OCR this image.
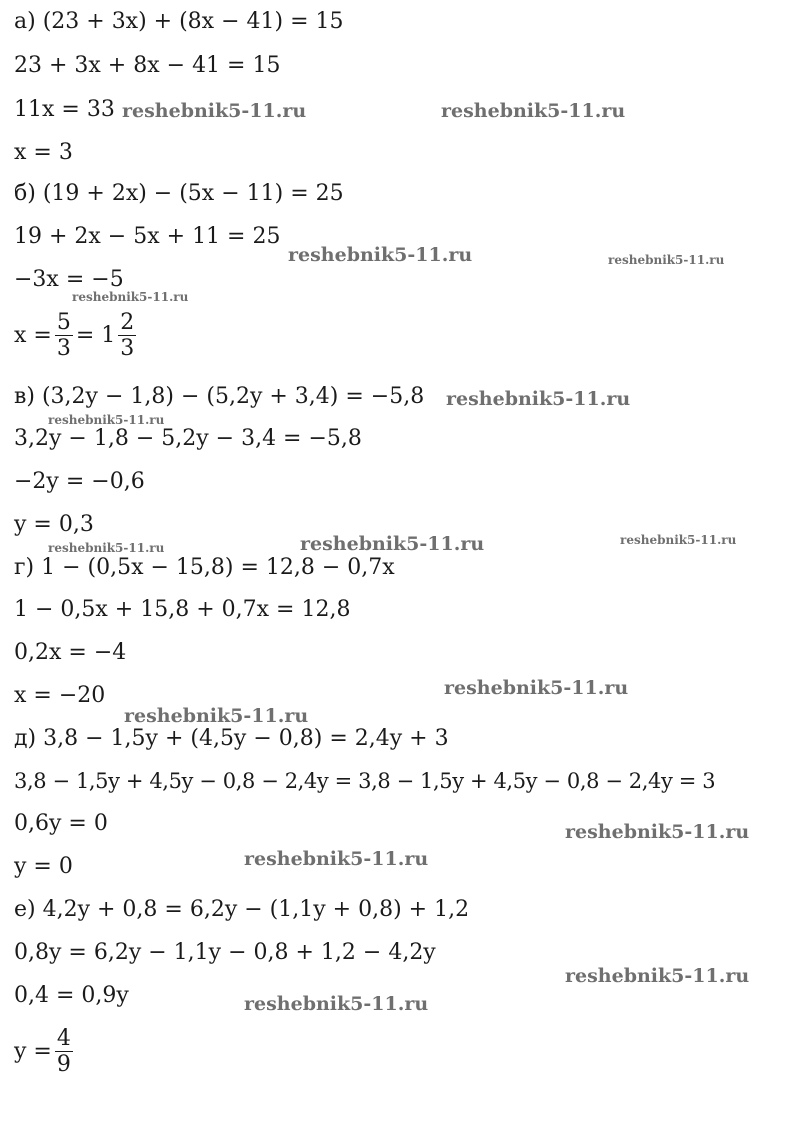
а) (23 + 3x) + (8x − 41) = 15
23 + 3x + 8x − 41 = 15
11x = 33
x = 3
б) (19 + 2x) − (5x − 11) = 25
19 + 2x − 5x + 11 = 25
−3x = −5
$x = \frac{5}{3} = 1 \frac{2}{3}$
в) (3,2y − 1,8) − (5,2y + 3,4) = −5,8
3,2y − 1,8 − 5,2y − 3,4 = −5,8
−2y = −0,6
y = 0,3
г) 1 − (0,5x − 15,8) = 12,8 − 0,7x
1 − 0,5x + 15,8 + 0,7x = 12,8
0,2x = −4
x = −20
д) 3,8 − 1,5y + (4,5y − 0,8) = 2,4y + 3
3,8 − 1,5y + 4,5y − 0,8 − 2,4y = 3,8 − 1,5y + 4,5y − 0,8 − 2,4y = 3
0,6y = 0
y = 0
е) 4,2y + 0,8 = 6,2y − (1,1y + 0,8) + 1,2
0,8y = 6,2y − 1,1y − 0,8 + 1,2 − 4,2y
0,4 = 0,9y
$y = \frac{4}{9}$
reshebnik5-11.ru	reshebnik5-11.ru
reshebnik5-11.ru	reshebnik5-11.ru
reshebnik5-11.ru
reshebnik5-11.ru
reshebnik5-11.ru
reshebnik5-11.ru
reshebnik5-11.ru
reshebnik5-11.ru
reshebnik5-11.ru
reshebnik5-11.ru
reshebnik5-11.ru
reshebnik5-11.ru
reshebnik5-11.ru
reshebnik5-11.ru
